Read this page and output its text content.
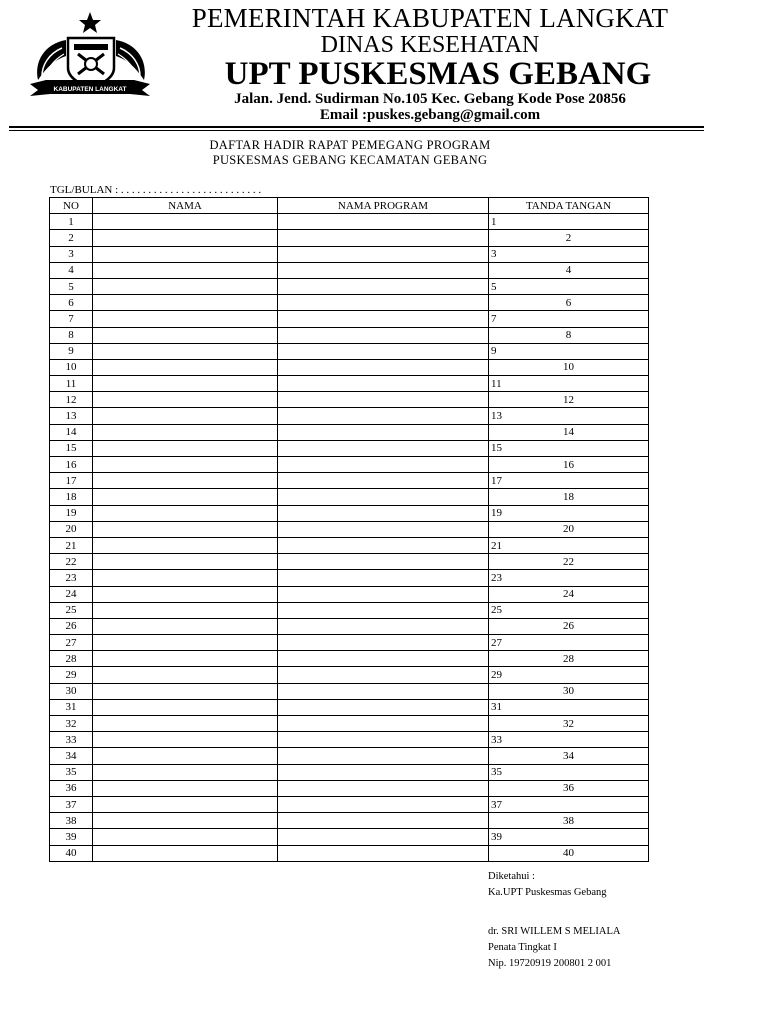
KABUPATEN LANGKAT
PEMERINTAH KABUPATEN LANGKAT
DINAS KESEHATAN
UPT PUSKESMAS GEBANG
Jalan. Jend. Sudirman No.105 Kec. Gebang Kode Pose 20856
Email :puskes.gebang@gmail.com
DAFTAR HADIR RAPAT PEMEGANG PROGRAM
PUSKESMAS GEBANG KECAMATAN GEBANG
TGL/BULAN : . . . . . . . . . . . . . . . . . . . . . . . . . .
NO	NAMA	NAMA PROGRAM	TANDA TANGAN
1			1
2			2
3			3
4			4
5			5
6			6
7			7
8			8
9			9
10			10
11			11
12			12
13			13
14			14
15			15
16			16
17			17
18			18
19			19
20			20
21			21
22			22
23			23
24			24
25			25
26			26
27			27
28			28
29			29
30			30
31			31
32			32
33			33
34			34
35			35
36			36
37			37
38			38
39			39
40			40
Diketahui :
Ka.UPT Puskesmas Gebang
dr. SRI WILLEM S MELIALA
Penata Tingkat I
Nip. 19720919 200801 2 001
